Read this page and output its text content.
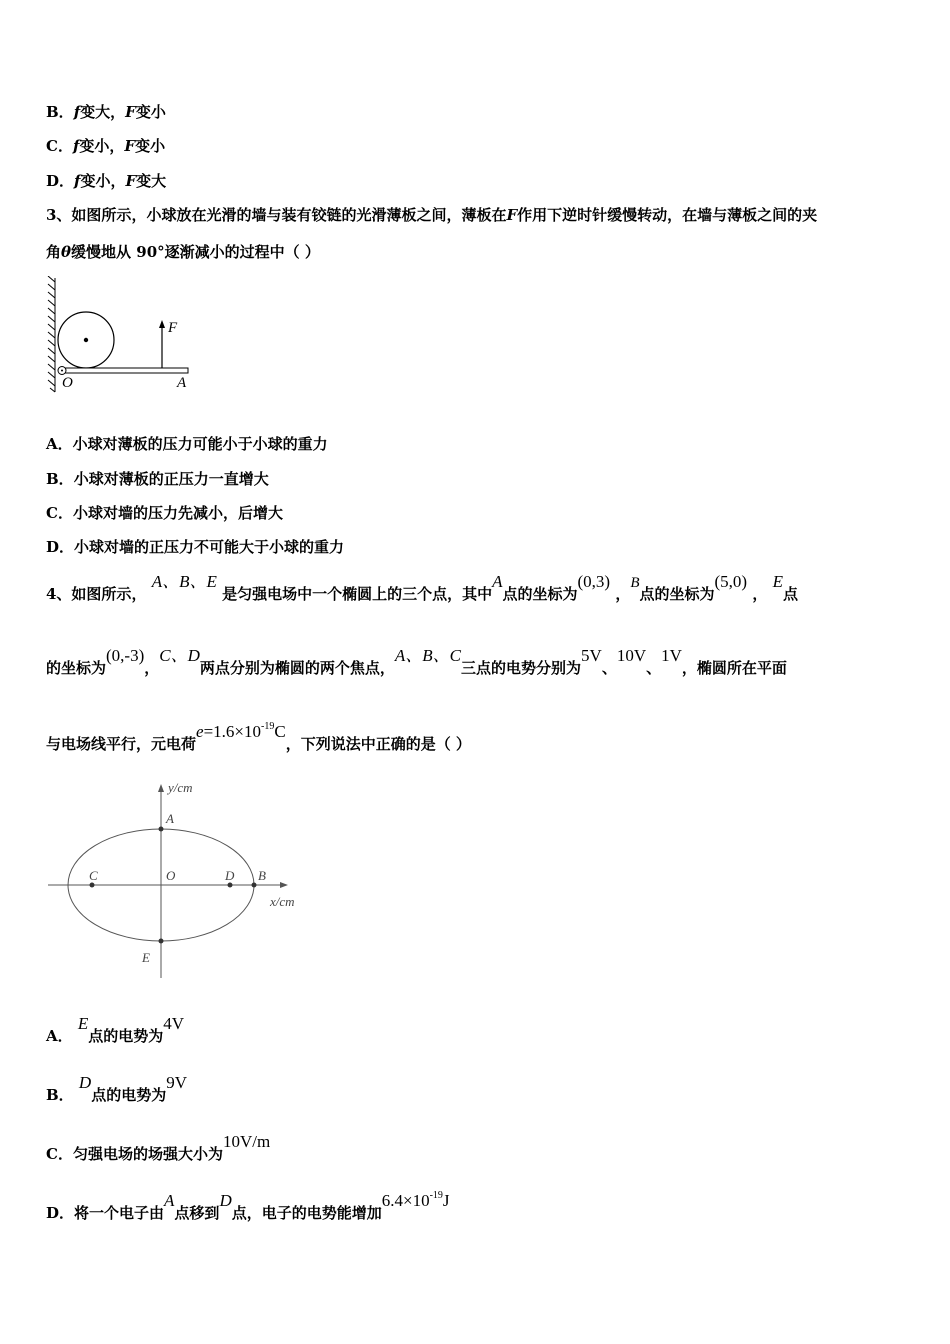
B．f变大，F变小
C．f变小，F变小
D．f变小，F变大
3、如图所示，小球放在光滑的墙与装有铰链的光滑薄板之间，薄板在F作用下逆时针缓慢转动，在墙与薄板之间的夹
角θ缓慢地从 90°逐渐减小的过程中（ ）
F
O	A
A．小球对薄板的压力可能小于小球的重力
B．小球对薄板的正压力一直增大
C．小球对墙的压力先减小，后增大
D．小球对墙的正压力不可能大于小球的重力
4、如图所示， A、B、E 是匀强电场中一个椭圆上的三个点，其中A点的坐标为(0,3) ，B点的坐标为(5,0) ， E点
的坐标为(0,-3)，C、D两点分别为椭圆的两个焦点，A、B、C三点的电势分别为5V、10V、1V，椭圆所在平面
与电场线平行，元电荷$e=1.6\times 10^{-19}C$，下列说法中正确的是（ ）
y/cm
x/cm
A
O
C	D B
E
A． E点的电势为4V
B． D点的电势为9V
C．匀强电场的场强大小为10V/m
D．将一个电子由A点移到D点，电子的电势能增加$6.4\times 10^{-19}J$
